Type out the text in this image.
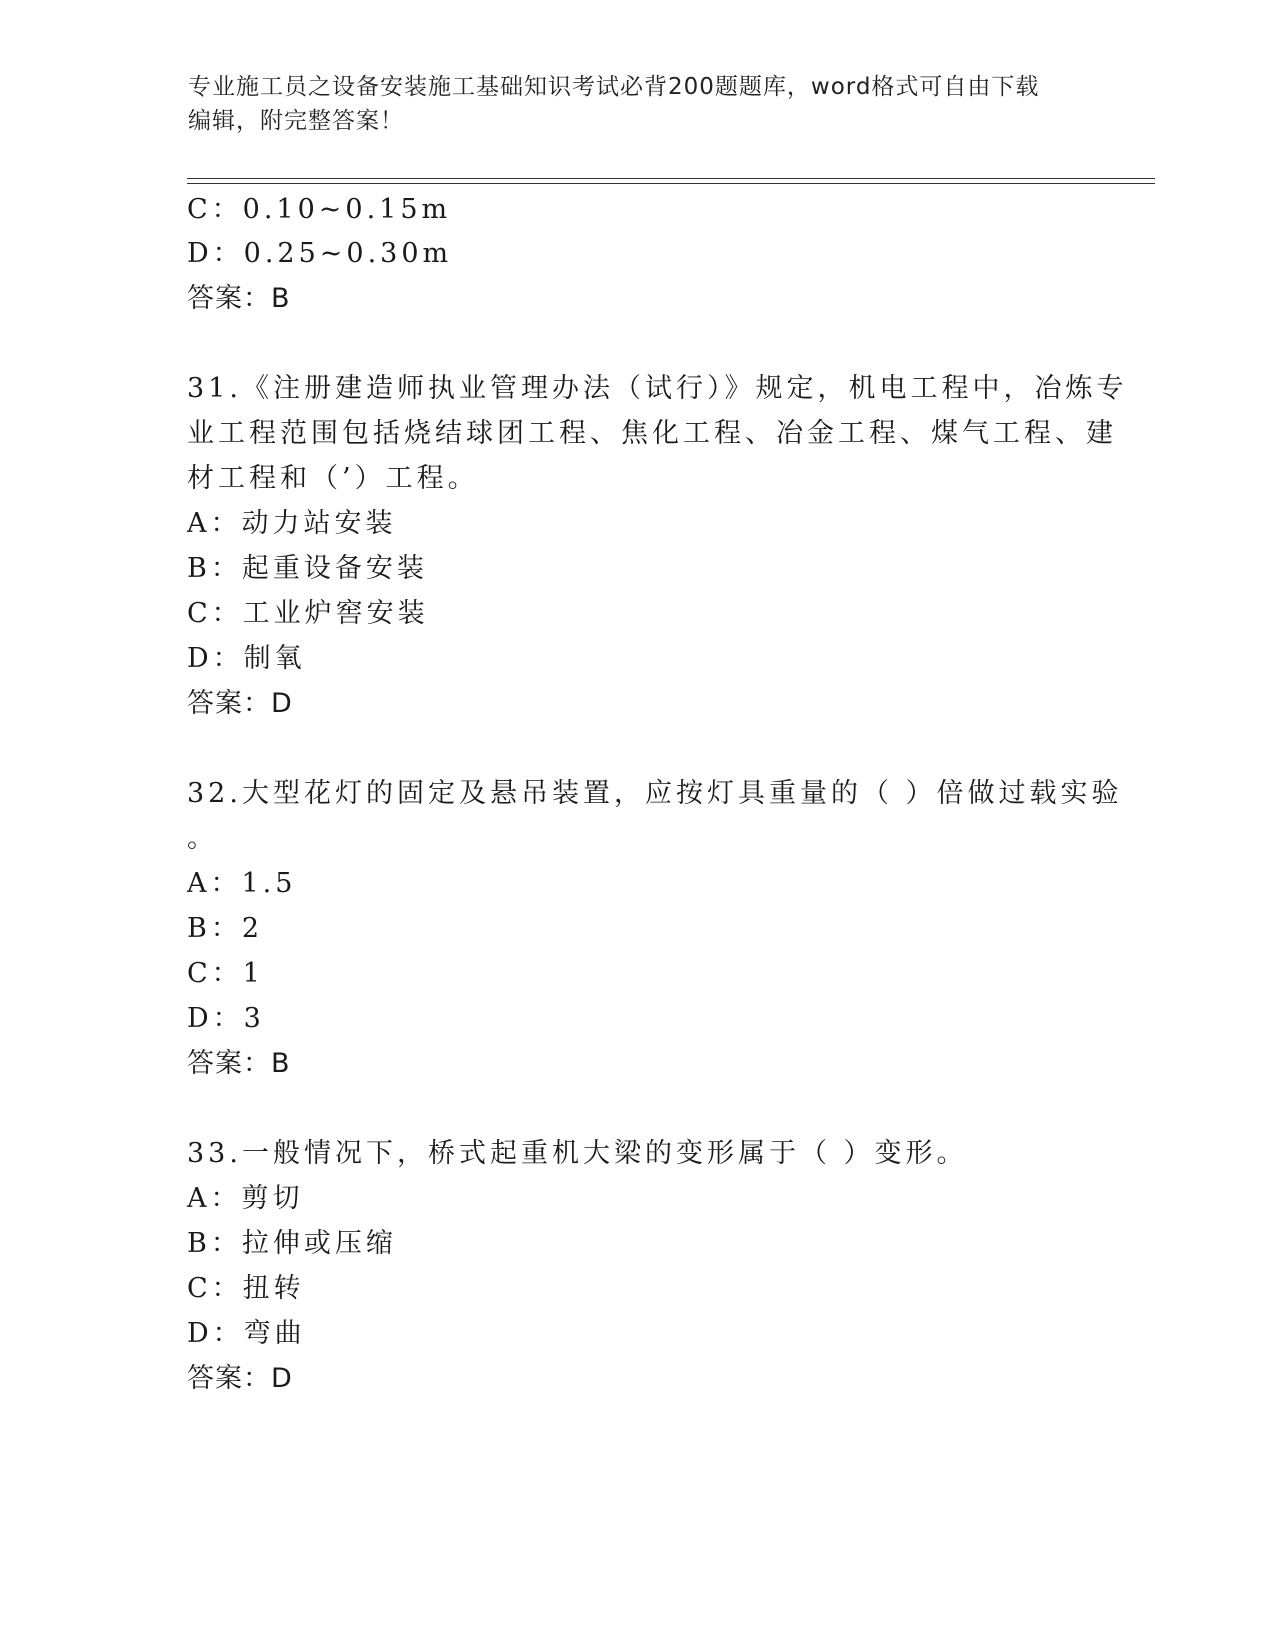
专业施工员之设备安装施工基础知识考试必背200题题库，word格式可自由下载
编辑，附完整答案！
C：0.10~0.15m
D：0.25~0.30m
答案：B
31.《注册建造师执业管理办法（试行）》规定，机电工程中，冶炼专
业工程范围包括烧结球团工程、焦化工程、冶金工程、煤气工程、建
材工程和（’）工程。
A：动力站安装
B：起重设备安装
C：工业炉窖安装
D：制氧
答案：D
32.大型花灯的固定及悬吊装置，应按灯具重量的（ ）倍做过载实验
。
A：1.5
B：2
C：1
D：3
答案：B
33.一般情况下，桥式起重机大梁的变形属于（ ）变形。
A：剪切
B：拉伸或压缩
C：扭转
D：弯曲
答案：D
